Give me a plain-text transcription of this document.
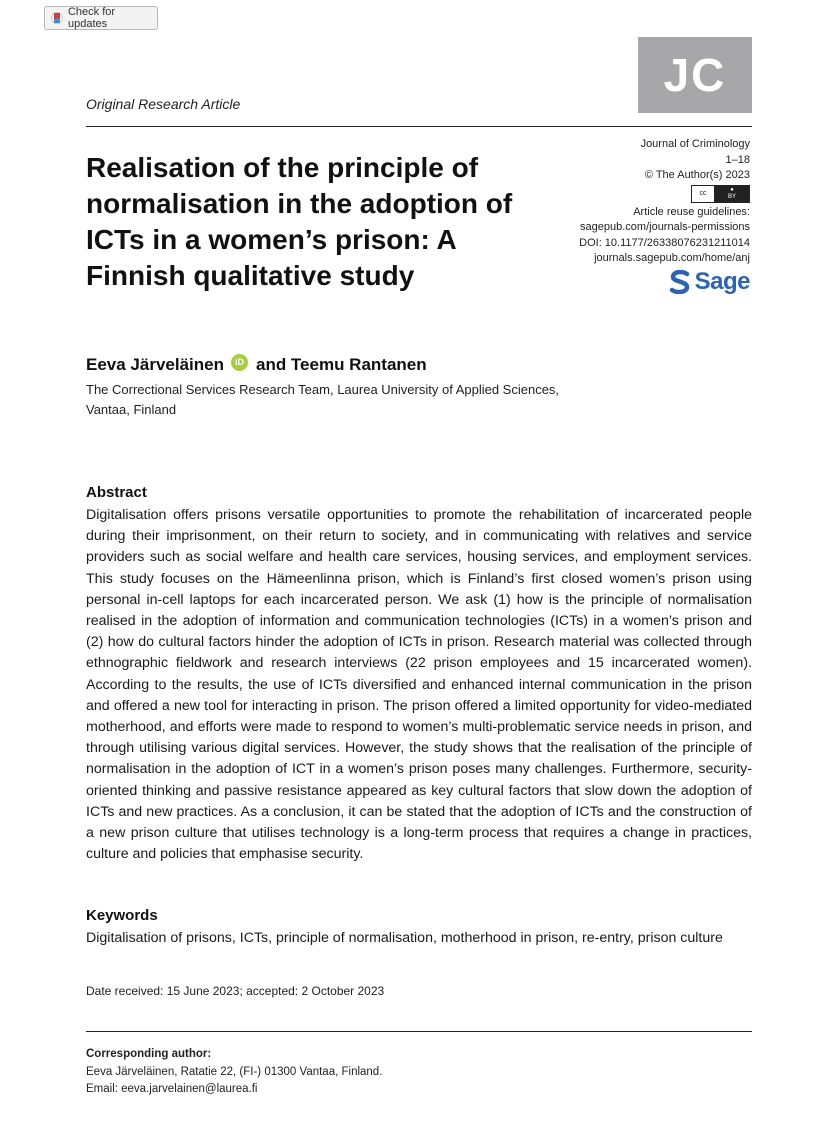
Check for updates
JC
Original Research Article
Realisation of the principle of normalisation in the adoption of ICTs in a women’s prison: A Finnish qualitative study
Journal of Criminology
1–18
© The Author(s) 2023
cc
●
BY
Article reuse guidelines:
sagepub.com/journals-permissions
DOI: 10.1177/26338076231211014
journals.sagepub.com/home/anj
Sage
Eeva Järveläinen	iD and Teemu Rantanen
The Correctional Services Research Team, Laurea University of Applied Sciences, Vantaa, Finland
Abstract
Digitalisation offers prisons versatile opportunities to promote the rehabilitation of incarcerated people during their imprisonment, on their return to society, and in communicating with relatives and service providers such as social welfare and health care services, housing services, and employment services. This study focuses on the Hämeenlinna prison, which is Finland’s first closed women’s prison using personal in-cell laptops for each incarcerated person. We ask (1) how is the principle of normalisation realised in the adoption of information and communication technologies (ICTs) in a women’s prison and (2) how do cultural factors hinder the adoption of ICTs in prison. Research material was collected through ethnographic fieldwork and research interviews (22 prison employees and 15 incarcerated women). According to the results, the use of ICTs diversified and enhanced internal communication in the prison and offered a new tool for interacting in prison. The prison offered a limited opportunity for video-mediated motherhood, and efforts were made to respond to women’s multi-problematic service needs in prison, and through utilising various digital services. However, the study shows that the realisation of the principle of normalisation in the adoption of ICT in a women’s prison poses many challenges. Furthermore, security-oriented thinking and passive resistance appeared as key cultural factors that slow down the adoption of ICTs and new practices. As a conclusion, it can be stated that the adoption of ICTs and the construction of a new prison culture that utilises technology is a long-term process that requires a change in practices, culture and policies that emphasise security.
Keywords
Digitalisation of prisons, ICTs, principle of normalisation, motherhood in prison, re-entry, prison culture
Date received: 15 June 2023; accepted: 2 October 2023
Corresponding author:
Eeva Järveläinen, Ratatie 22, (FI-) 01300 Vantaa, Finland.
Email: eeva.jarvelainen@laurea.fi
